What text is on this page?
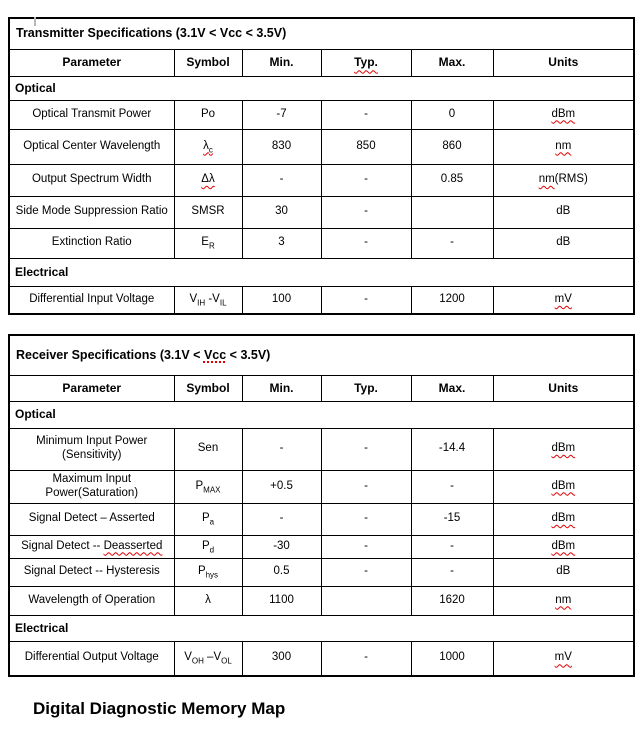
Transmitter Specifications (3.1V < Vcc < 3.5V)					
Parameter	Symbol	Min.	Typ.	Max.	Units
Optical					
Optical Transmit Power	Po	-7	-	0	dBm
Optical Center Wavelength	$\lambda_c$	830	850	860	nm
Output Spectrum Width	Δλ	-	-	0.85	nm(RMS)
Side Mode Suppression Ratio	SMSR	30	-		dB
Extinction Ratio	$E_R$	3	-	-	dB
Electrical					
Differential Input Voltage	$V_{IH}$ $-V_{IL}$	100	-	1200	mV
Receiver Specifications (3.1V < Vcc < 3.5V)					
Parameter	Symbol	Min.	Typ.	Max.	Units
Optical					
Minimum Input Power (Sensitivity)	Sen	-	-	-14.4	dBm
Maximum Input Power(Saturation)	$P_{MAX}$	+0.5	-	-	dBm
Signal Detect – Asserted	$P_a$	-	-	-15	dBm
Signal Detect -- Deasserted	$P_d$	-30	-	-	dBm
Signal Detect -- Hysteresis	$P_{hys}$	0.5	-	-	dB
Wavelength of Operation	λ	1100		1620	nm
Electrical					
Differential Output Voltage	$V_{OH}$ $-V_{OL}$	300	-	1000	mV
Digital Diagnostic Memory Map
